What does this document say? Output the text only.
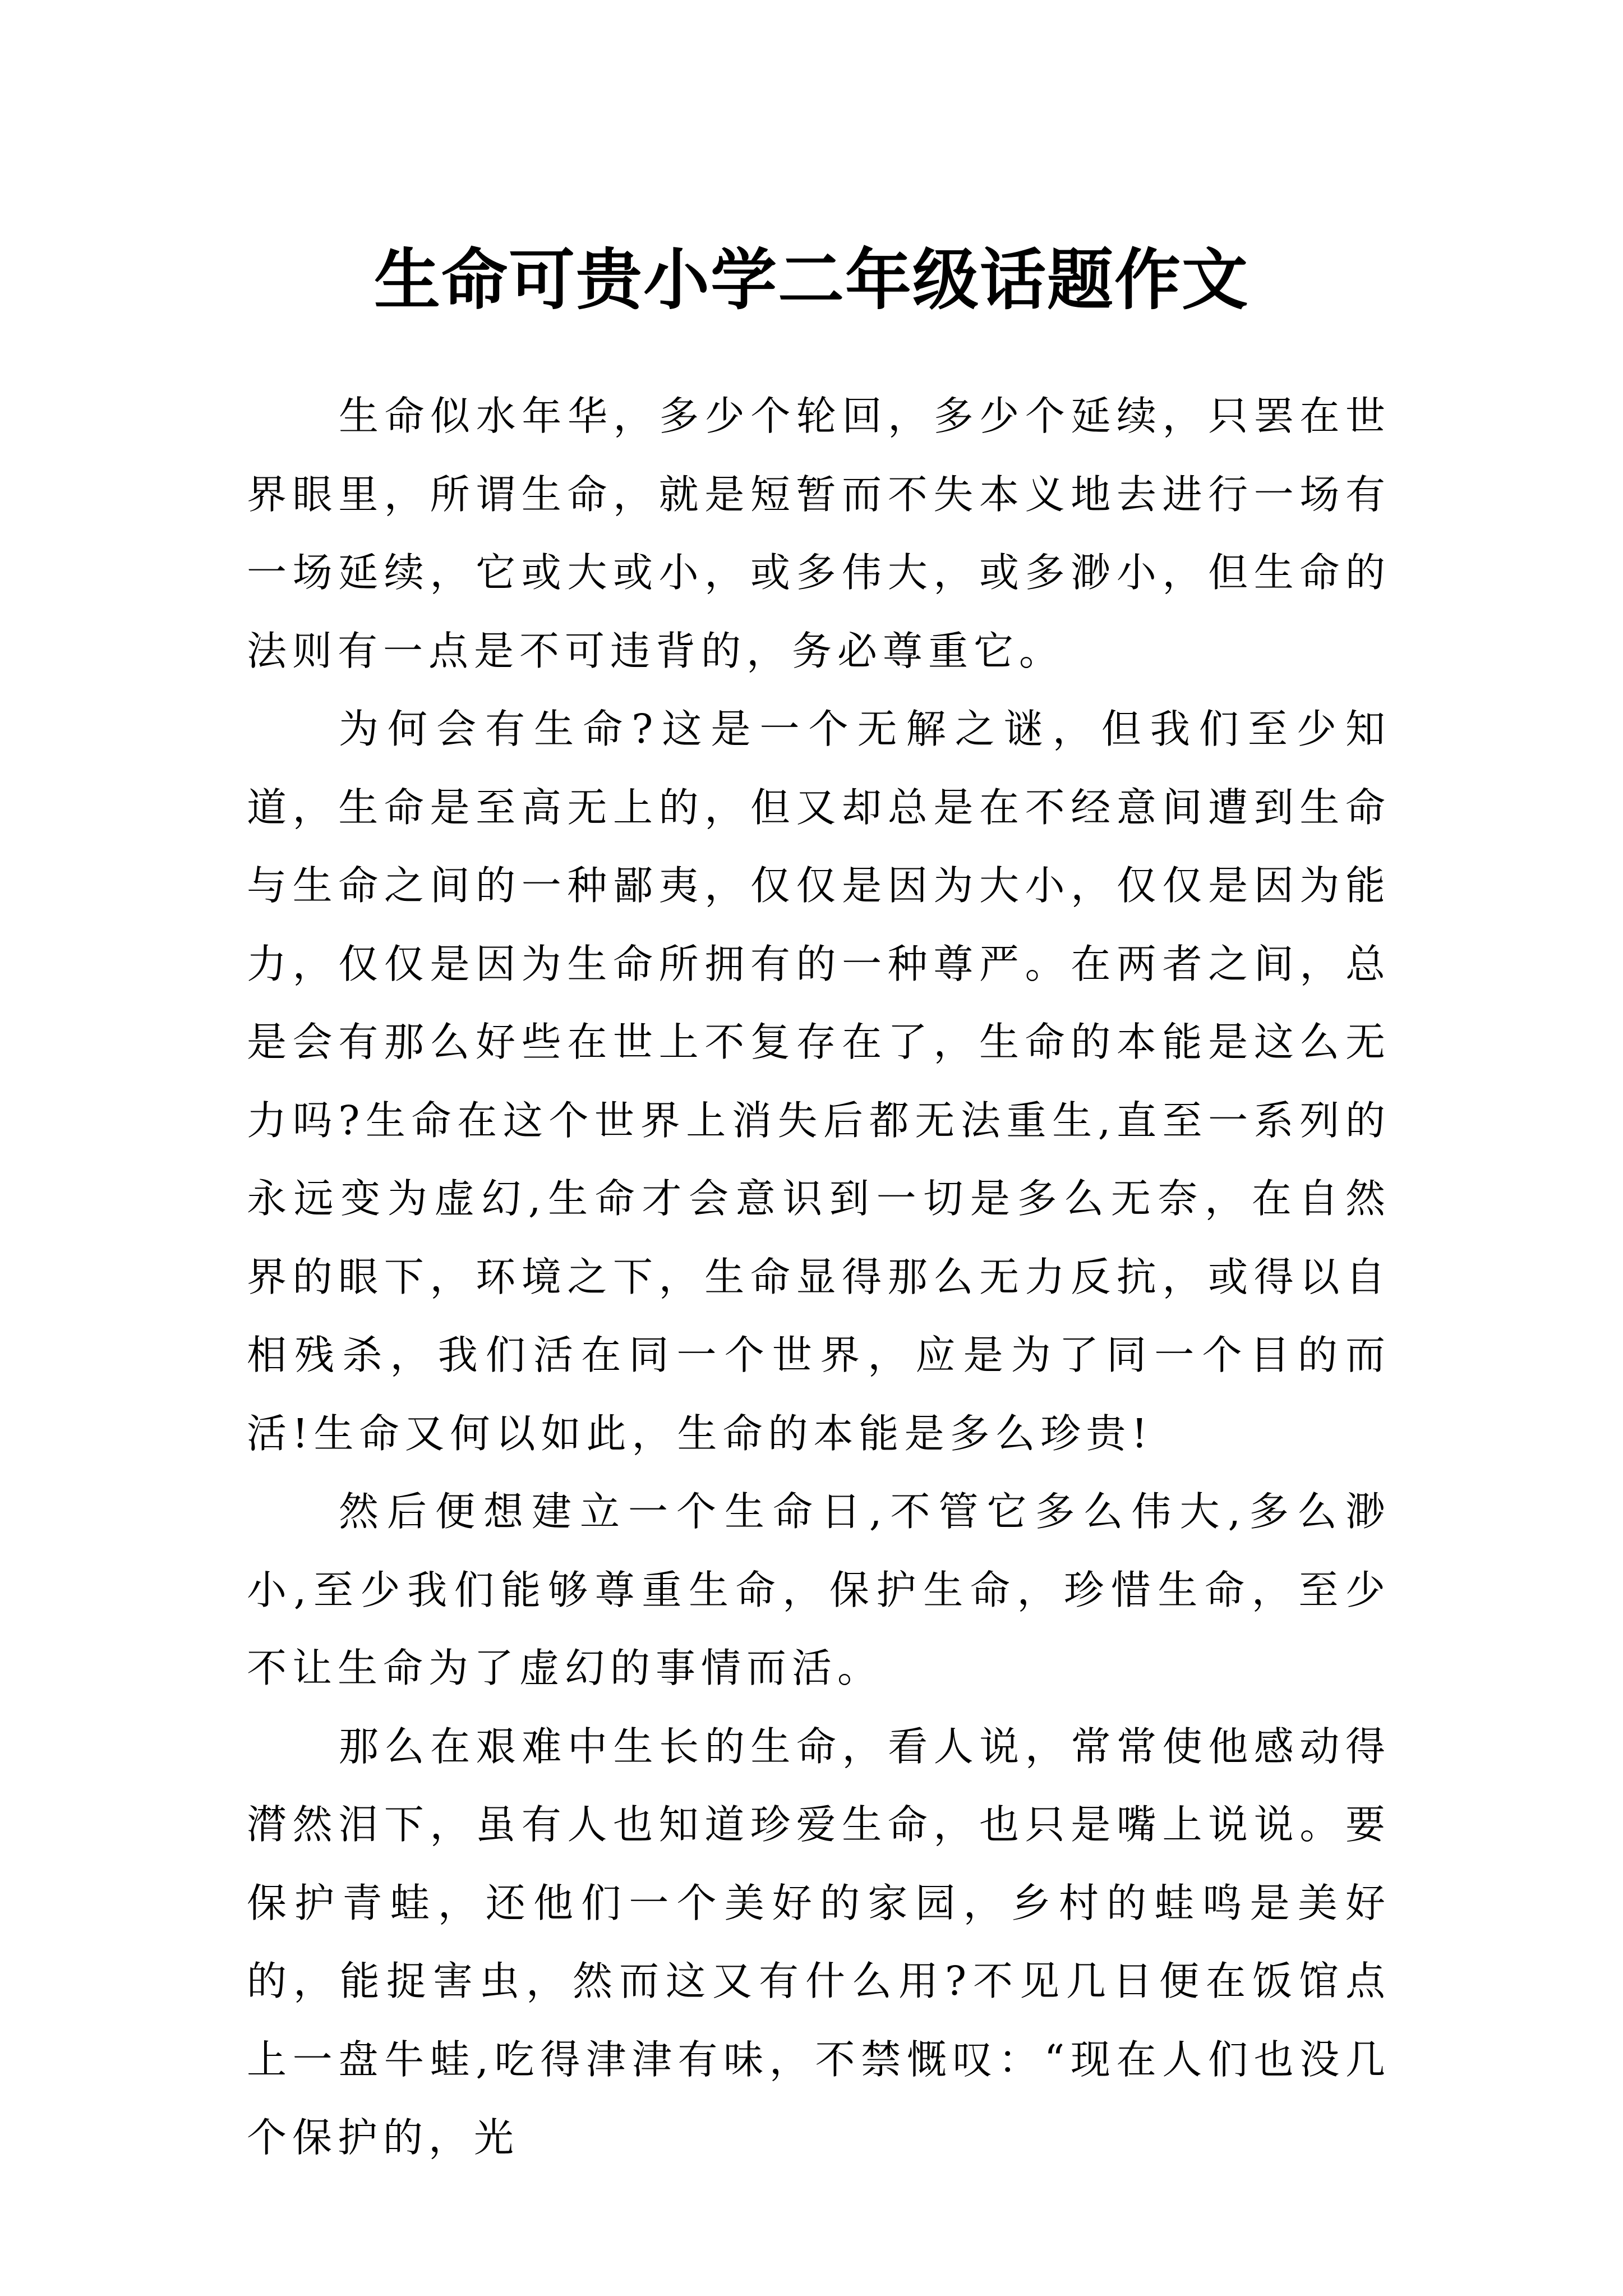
生命可贵小学二年级话题作文

生命似水年华，多少个轮回，多少个延续，只罢在世界眼里，所谓生命，就是短暂而不失本义地去进行一场有一场延续，它或大或小，或多伟大，或多渺小，但生命的法则有一点是不可违背的，务必尊重它。

为何会有生命?这是一个无解之谜，但我们至少知道，生命是至高无上的，但又却总是在不经意间遭到生命与生命之间的一种鄙夷，仅仅是因为大小，仅仅是因为能力，仅仅是因为生命所拥有的一种尊严。在两者之间，总是会有那么好些在世上不复存在了，生命的本能是这么无力吗?生命在这个世界上消失后都无法重生,直至一系列的永远变为虚幻,生命才会意识到一切是多么无奈，在自然界的眼下，环境之下，生命显得那么无力反抗，或得以自相残杀，我们活在同一个世界，应是为了同一个目的而活!生命又何以如此，生命的本能是多么珍贵!

然后便想建立一个生命日,不管它多么伟大,多么渺小,至少我们能够尊重生命，保护生命，珍惜生命，至少不让生命为了虚幻的事情而活。

那么在艰难中生长的生命，看人说，常常使他感动得潸然泪下，虽有人也知道珍爱生命，也只是嘴上说说。要保护青蛙，还他们一个美好的家园，乡村的蛙鸣是美好的，能捉害虫，然而这又有什么用?不见几日便在饭馆点上一盘牛蛙,吃得津津有味，不禁慨叹：“现在人们也没几个保护的，光
